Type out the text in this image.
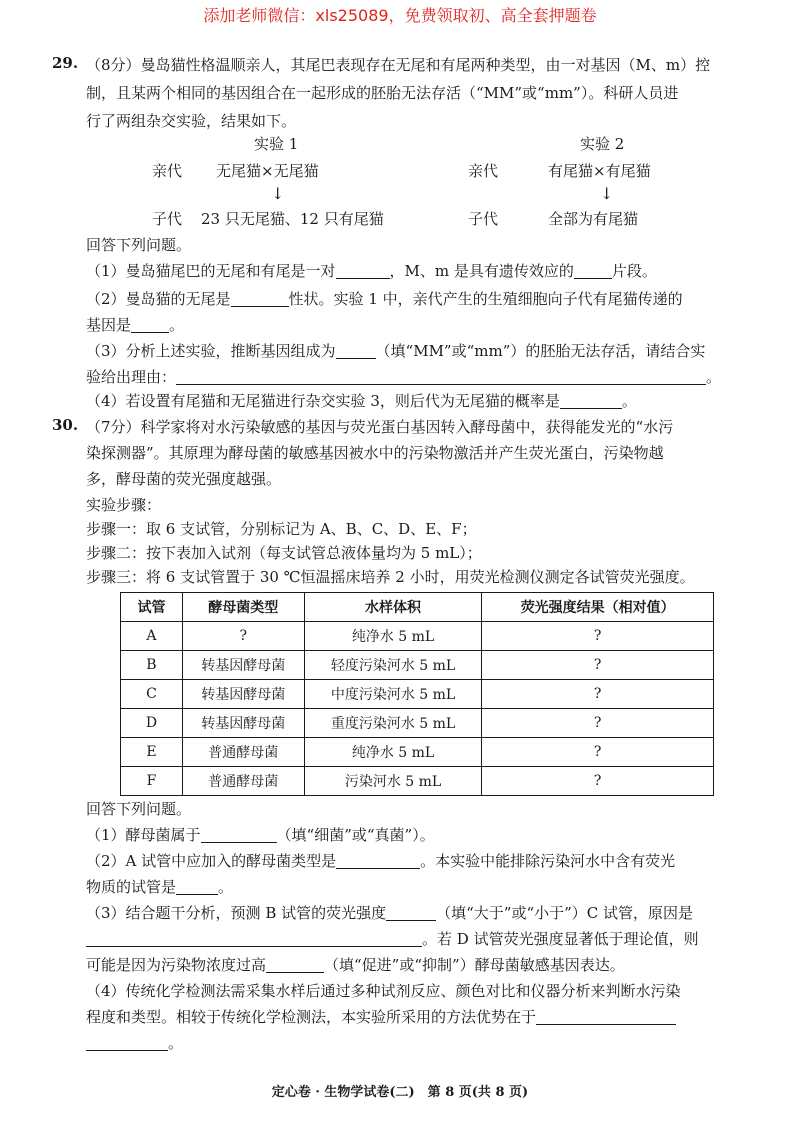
添加老师微信：xls25089，免费领取初、高全套押题卷
29. （8分）曼岛猫性格温顺亲人，其尾巴表现存在无尾和有尾两种类型，由一对基因（M、m）控
制，且某两个相同的基因组合在一起形成的胚胎无法存活（“MM”或“mm”）。科研人员进
行了两组杂交实验，结果如下。
实验 1	实验 2
亲代 无尾猫×无尾猫	亲代	有尾猫×有尾猫
↓	↓
子代 23 只无尾猫、12 只有尾猫	子代	全部为有尾猫
回答下列问题。
（1）曼岛猫尾巴的无尾和有尾是一对	，M、m 是具有遗传效应的	片段。
（2）曼岛猫的无尾是	性状。实验 1 中，亲代产生的生殖细胞向子代有尾猫传递的
基因是	。
（3）分析上述实验，推断基因组成为	（填“MM”或“mm”）的胚胎无法存活，请结合实
验给出理由：	。
（4）若设置有尾猫和无尾猫进行杂交实验 3，则后代为无尾猫的概率是	。
30. （7分）科学家将对水污染敏感的基因与荧光蛋白基因转入酵母菌中，获得能发光的“水污
染探测器”。其原理为酵母菌的敏感基因被水中的污染物激活并产生荧光蛋白，污染物越
多，酵母菌的荧光强度越强。
实验步骤：
步骤一：取 6 支试管，分别标记为 A、B、C、D、E、F；
步骤二：按下表加入试剂（每支试管总液体量均为 5 mL）；
步骤三：将 6 支试管置于 30 ℃恒温摇床培养 2 小时，用荧光检测仪测定各试管荧光强度。
试管	酵母菌类型	水样体积	荧光强度结果（相对值）
A	?	纯净水 5 mL	?
B	转基因酵母菌	轻度污染河水 5 mL	?
C	转基因酵母菌	中度污染河水 5 mL	?
D	转基因酵母菌	重度污染河水 5 mL	?
E	普通酵母菌	纯净水 5 mL	?
F	普通酵母菌	污染河水 5 mL	?
回答下列问题。
（1）酵母菌属于	（填“细菌”或“真菌”）。
（2）A 试管中应加入的酵母菌类型是	。本实验中能排除污染河水中含有荧光
物质的试管是	。
（3）结合题干分析，预测 B 试管的荧光强度	（填“大于”或“小于”）C 试管，原因是
。若 D 试管荧光强度显著低于理论值，则
可能是因为污染物浓度过高	（填“促进”或“抑制”）酵母菌敏感基因表达。
（4）传统化学检测法需采集水样后通过多种试剂反应、颜色对比和仪器分析来判断水污染
程度和类型。相较于传统化学检测法，本实验所采用的方法优势在于
。
定心卷 · 生物学试卷(二)　第 8 页(共 8 页)
